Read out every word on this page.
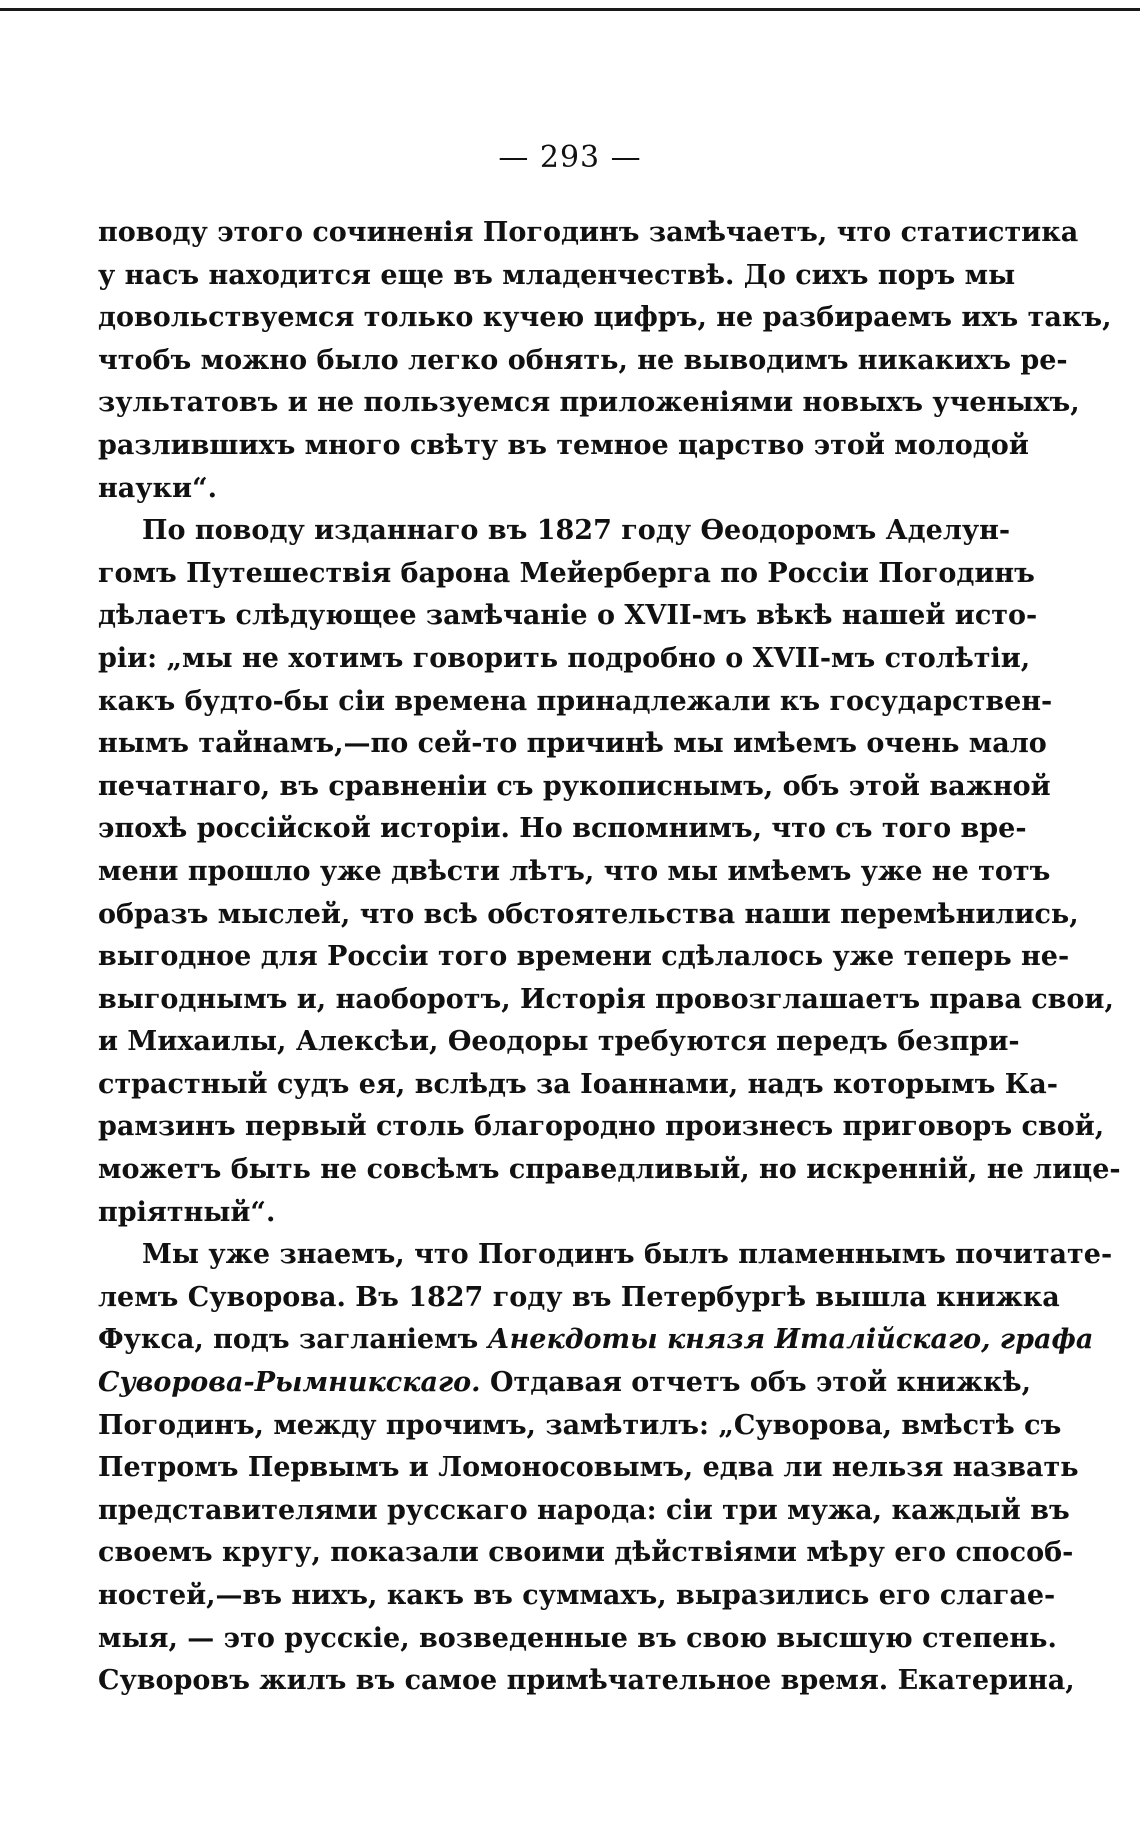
— 293 —
поводу этого сочиненія Погодинъ замѣчаетъ, что статистика
у насъ находится еще въ младенчествѣ. До сихъ поръ мы
довольствуемся только кучею цифръ, не разбираемъ ихъ такъ,
чтобъ можно было легко обнять, не выводимъ никакихъ ре-
зультатовъ и не пользуемся приложеніями новыхъ ученыхъ,
разлившихъ много свѣту въ темное царство этой молодой
науки“.
По поводу изданнаго въ 1827 году Ѳеодоромъ Аделун-
гомъ Путешествія барона Мейерберга по Россіи Погодинъ
дѣлаетъ слѣдующее замѣчаніе о XVII-мъ вѣкѣ нашей исто-
ріи: „мы не хотимъ говорить подробно о XVII-мъ столѣтіи,
какъ будто-бы сіи времена принадлежали къ государствен-
нымъ тайнамъ,—по сей-то причинѣ мы имѣемъ очень мало
печатнаго, въ сравненіи съ рукописнымъ, объ этой важной
эпохѣ россійской исторіи. Но вспомнимъ, что съ того вре-
мени прошло уже двѣсти лѣтъ, что мы имѣемъ уже не тотъ
образъ мыслей, что всѣ обстоятельства наши перемѣнились,
выгодное для Россіи того времени сдѣлалось уже теперь не-
выгоднымъ и, наоборотъ, Исторія провозглашаетъ права свои,
и Михаилы, Алексѣи, Ѳеодоры требуются передъ безпри-
страстный судъ ея, вслѣдъ за Іоаннами, надъ которымъ Ка-
рамзинъ первый столь благородно произнесъ приговоръ свой,
можетъ быть не совсѣмъ справедливый, но искренній, не лице-
пріятный“.
Мы уже знаемъ, что Погодинъ былъ пламеннымъ почитате-
лемъ Суворова. Въ 1827 году въ Петербургѣ вышла книжка
Фукса, подъ загланіемъ Анекдоты князя Италійскаго, графа
Суворова-Рымникскаго. Отдавая отчетъ объ этой книжкѣ,
Погодинъ, между прочимъ, замѣтилъ: „Суворова, вмѣстѣ съ
Петромъ Первымъ и Ломоносовымъ, едва ли нельзя назвать
представителями русскаго народа: сіи три мужа, каждый въ
своемъ кругу, показали своими дѣйствіями мѣру его способ-
ностей,—въ нихъ, какъ въ суммахъ, выразились его слагае-
мыя, — это русскіе, возведенные въ свою высшую степень.
Суворовъ жилъ въ самое примѣчательное время. Екатерина,
